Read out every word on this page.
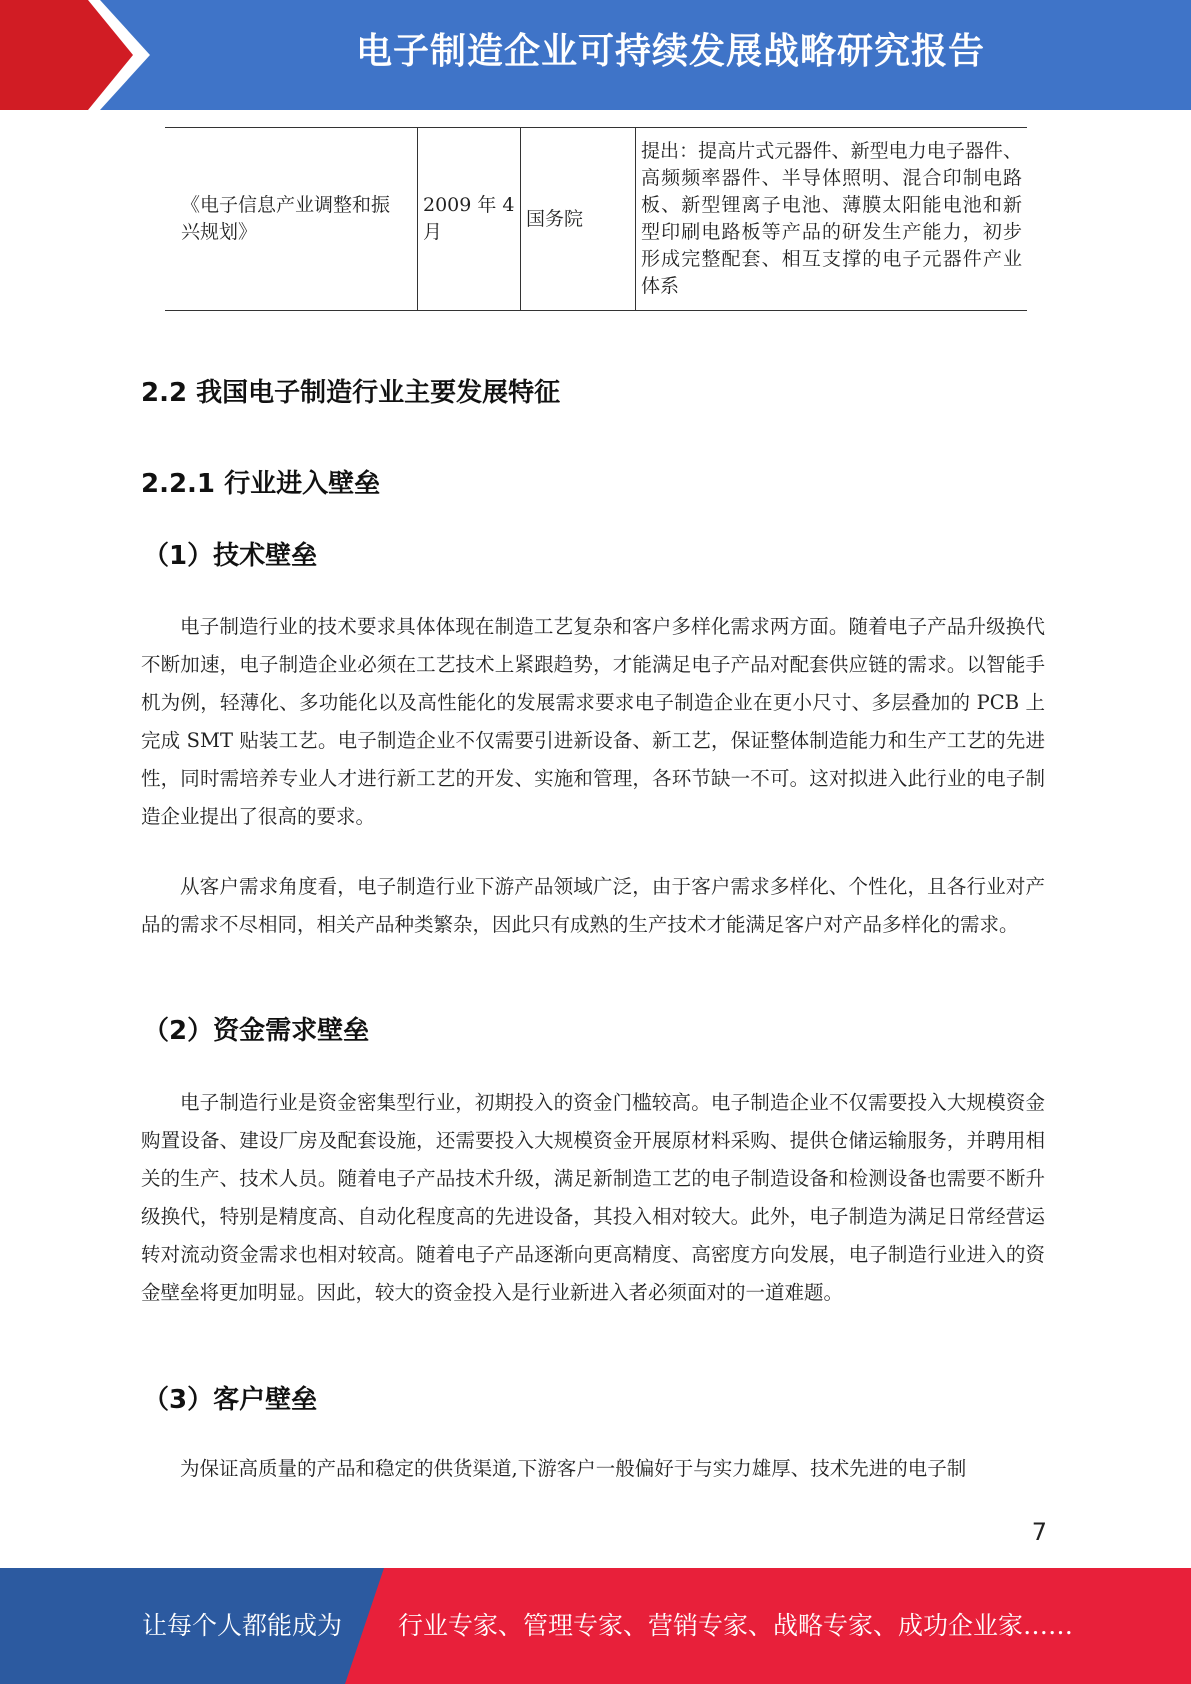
电子制造企业可持续发展战略研究报告
《电子信息产业调整和振兴规划》	2009 年 4 月	国务院	提出：提高片式元器件、新型电力电子器件、高频频率器件、半导体照明、混合印制电路 板、新型锂离子电池、薄膜太阳能电池和新 型印刷电路板等产品的研发生产能力，初步 形成完整配套、相互支撑的电子元器件产业 体系
2.2 我国电子制造行业主要发展特征
2.2.1 行业进入壁垒
（1）技术壁垒

电子制造行业的技术要求具体体现在制造工艺复杂和客户多样化需求两方面。随着电子产品升级换代不断加速，电子制造企业必须在工艺技术上紧跟趋势，才能满足电子产品对配套供应链的需求。以智能手机为例，轻薄化、多功能化以及高性能化的发展需求要求电子制造企业在更小尺寸、多层叠加的 PCB 上完成 SMT 贴装工艺。电子制造企业不仅需要引进新设备、新工艺，保证整体制造能力和生产工艺的先进性，同时需培养专业人才进行新工艺的开发、实施和管理，各环节缺一不可。这对拟进入此行业的电子制造企业提出了很高的要求。

从客户需求角度看，电子制造行业下游产品领域广泛，由于客户需求多样化、个性化，且各行业对产品的需求不尽相同，相关产品种类繁杂，因此只有成熟的生产技术才能满足客户对产品多样化的需求。

（2）资金需求壁垒

电子制造行业是资金密集型行业，初期投入的资金门槛较高。电子制造企业不仅需要投入大规模资金购置设备、建设厂房及配套设施，还需要投入大规模资金开展原材料采购、提供仓储运输服务，并聘用相关的生产、技术人员。随着电子产品技术升级，满足新制造工艺的电子制造设备和检测设备也需要不断升级换代，特别是精度高、自动化程度高的先进设备，其投入相对较大。此外，电子制造为满足日常经营运转对流动资金需求也相对较高。随着电子产品逐渐向更高精度、高密度方向发展，电子制造行业进入的资金壁垒将更加明显。因此，较大的资金投入是行业新进入者必须面对的一道难题。

（3）客户壁垒

为保证高质量的产品和稳定的供货渠道,下游客户一般偏好于与实力雄厚、技术先进的电子制

7
让每个人都能成为 行业专家、管理专家、营销专家、战略专家、成功企业家……
